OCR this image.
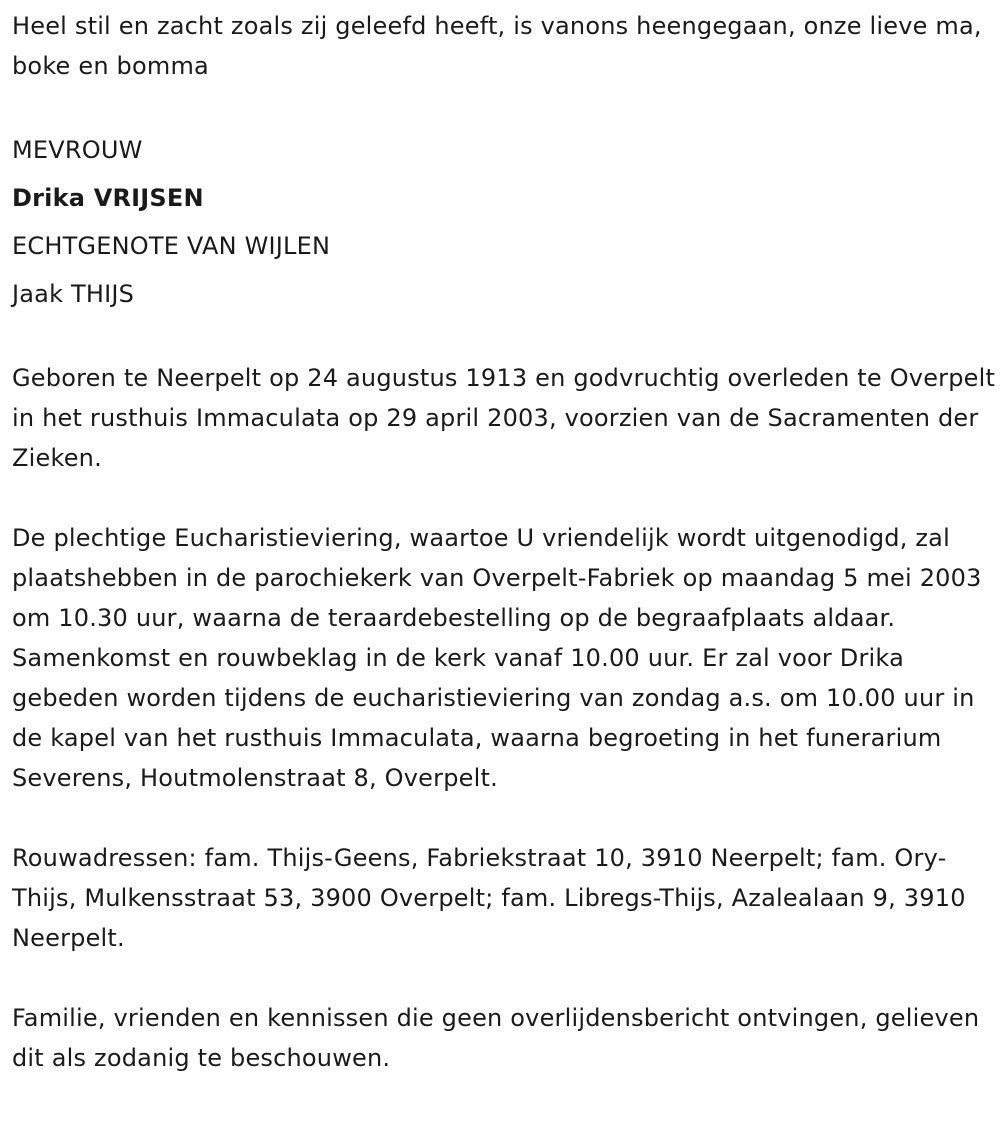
Heel stil en zacht zoals zij geleefd heeft, is vanons heengegaan, onze lieve ma, boke en bomma

MEVROUW

Drika VRIJSEN

ECHTGENOTE VAN WIJLEN

Jaak THIJS

Geboren te Neerpelt op 24 augustus 1913 en godvruchtig overleden te Overpelt in het rusthuis Immaculata op 29 april 2003, voorzien van de Sacramenten der Zieken.

De plechtige Eucharistieviering, waartoe U vriendelijk wordt uitgenodigd, zal plaatshebben in de parochiekerk van Overpelt-Fabriek op maandag 5 mei 2003 om 10.30 uur, waarna de teraardebestelling op de begraafplaats aldaar. Samenkomst en rouwbeklag in de kerk vanaf 10.00 uur. Er zal voor Drika gebeden worden tijdens de eucharistieviering van zondag a.s. om 10.00 uur in de kapel van het rusthuis Immaculata, waarna begroeting in het funerarium Severens, Houtmolenstraat 8, Overpelt.

Rouwadressen: fam. Thijs-Geens, Fabriekstraat 10, 3910 Neerpelt; fam. Ory-Thijs, Mulkensstraat 53, 3900 Overpelt; fam. Libregs-Thijs, Azalealaan 9, 3910 Neerpelt.

Familie, vrienden en kennissen die geen overlijdensbericht ontvingen, gelieven dit als zodanig te beschouwen.
